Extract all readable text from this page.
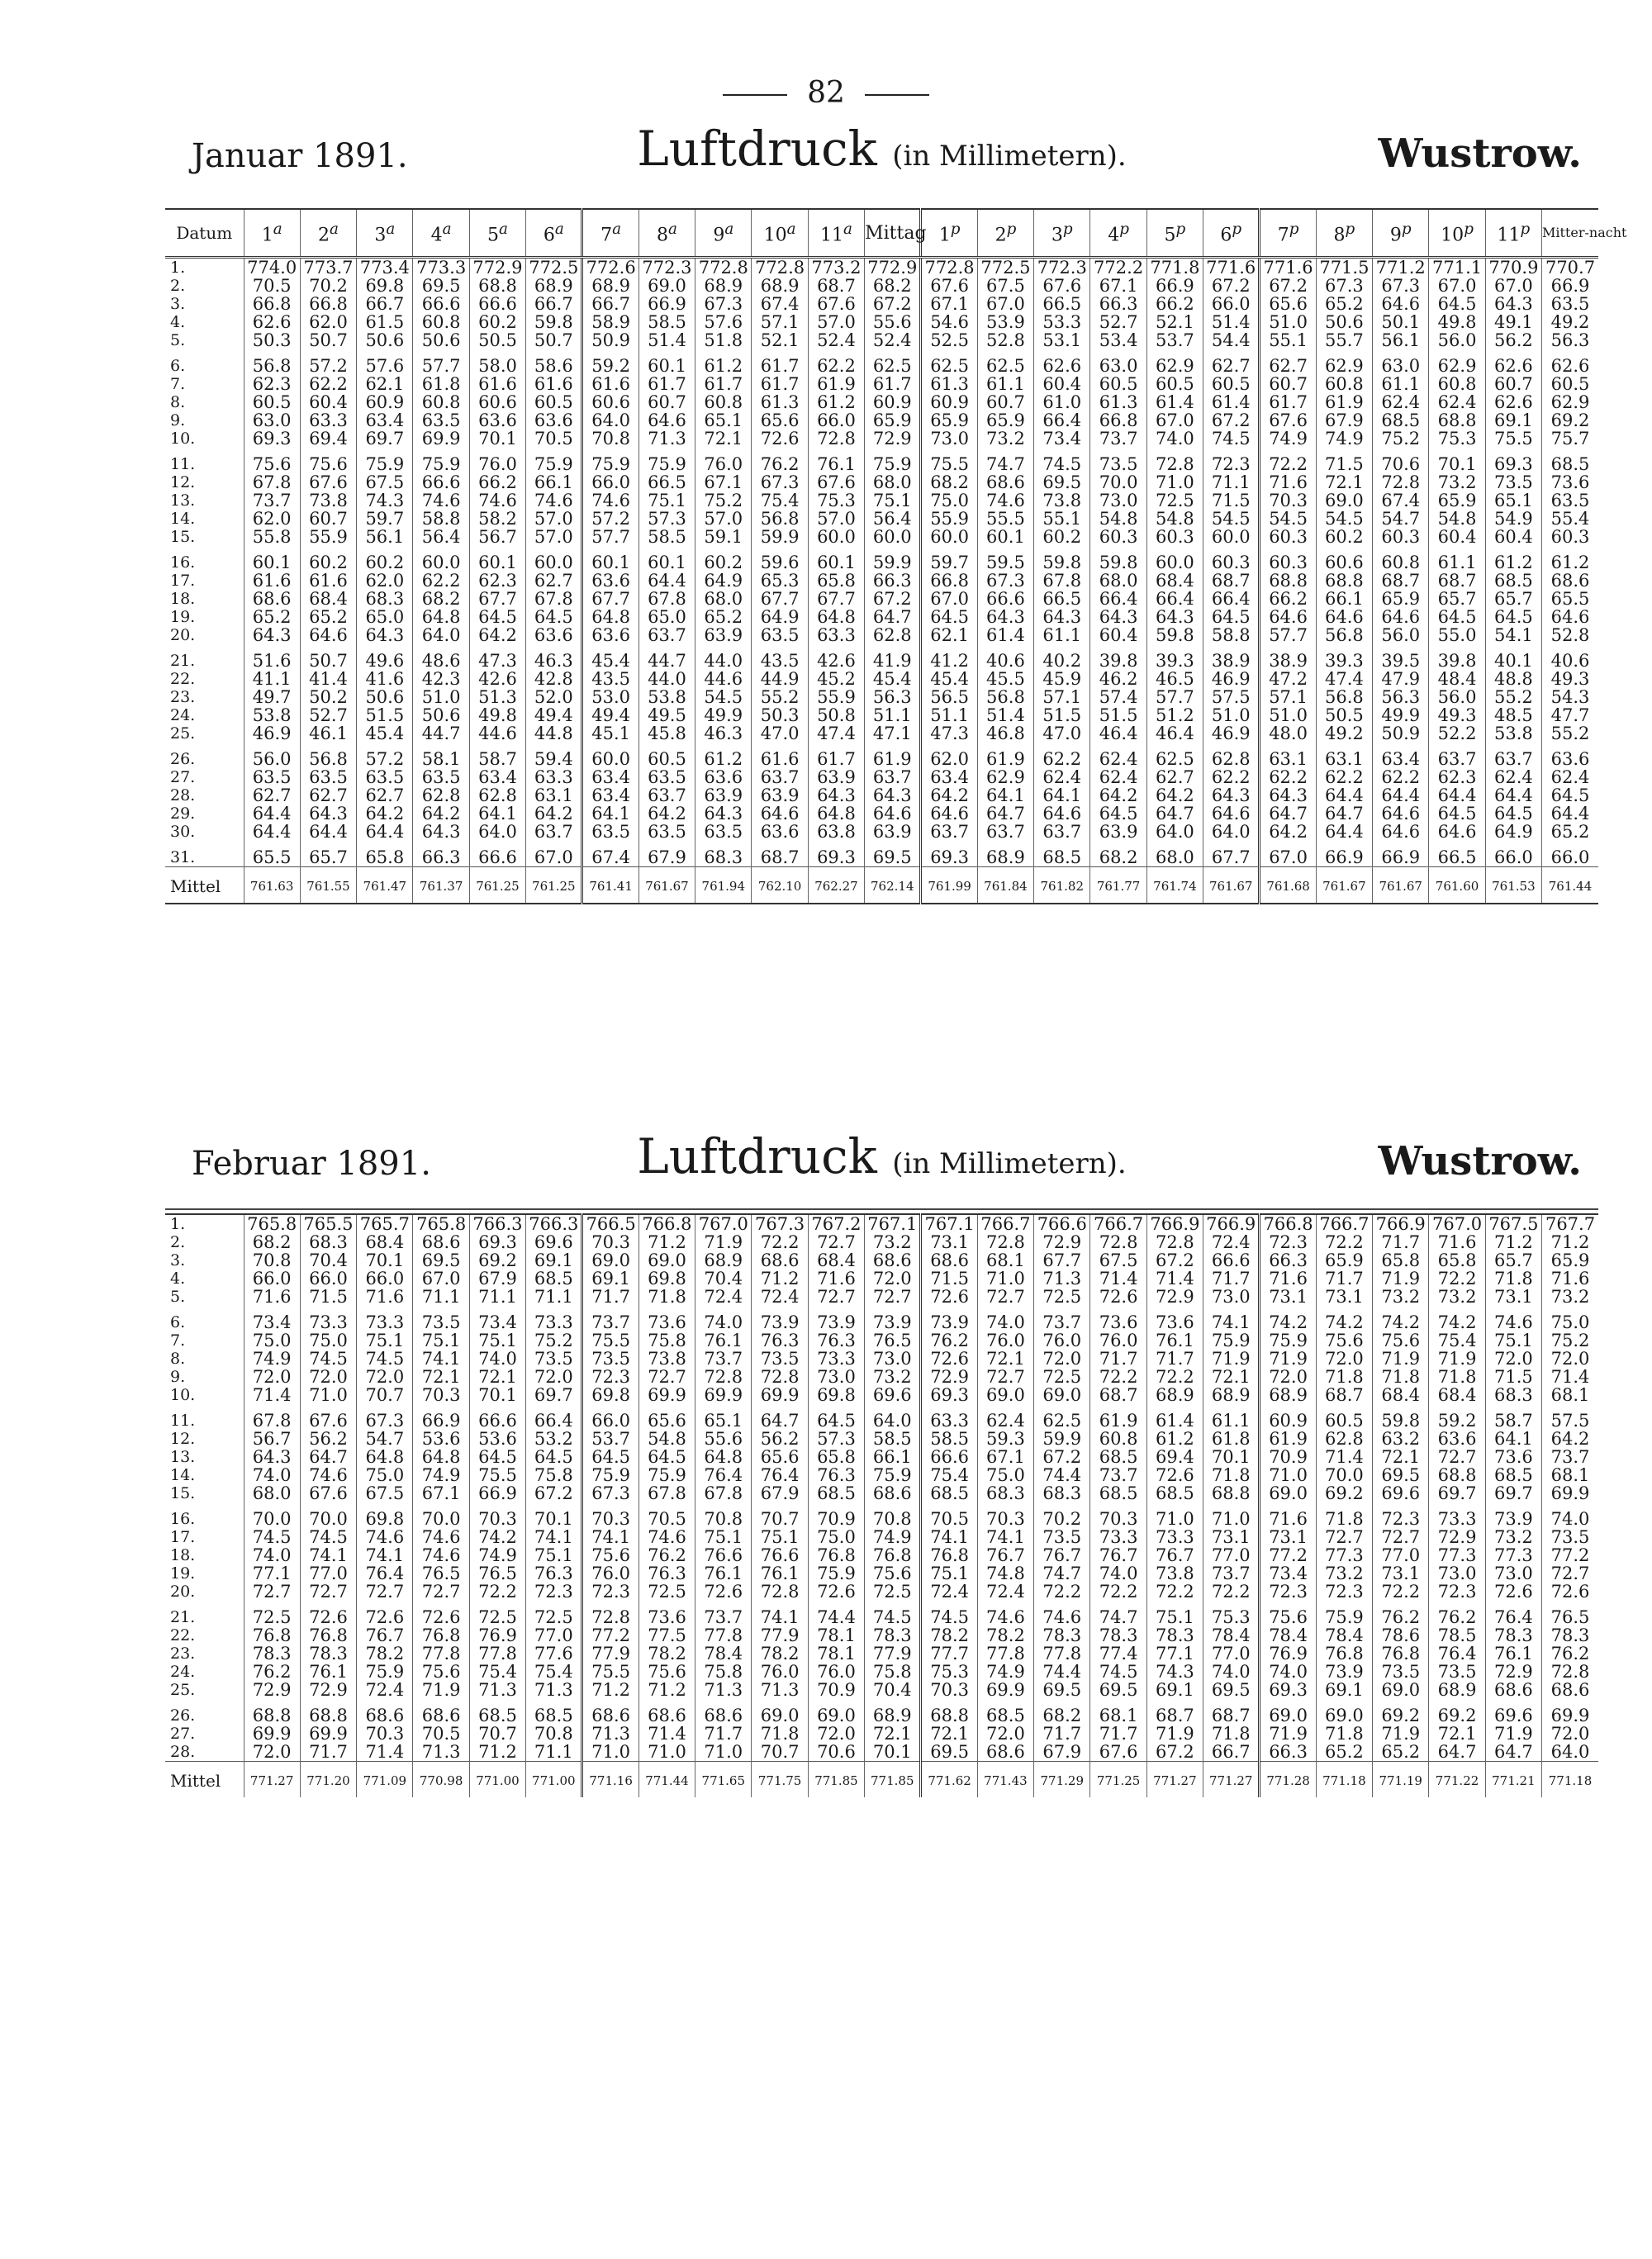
82
Januar 1891.	Luftdruck (in Millimetern).	Wustrow.
Datum	1$^a$	2$^a$	3$^a$	4$^a$	5$^a$	6$^a$	7$^a$	8$^a$	9$^a$	10$^a$	11$^a$	Mittag	1$^p$	2$^p$	3$^p$	4$^p$	5$^p$	6$^p$	7$^p$	8$^p$	9$^p$	10$^p$	11$^p$	Mitter-nacht
1.	774.0	773.7	773.4	773.3	772.9	772.5	772.6	772.3	772.8	772.8	773.2	772.9	772.8	772.5	772.3	772.2	771.8	771.6	771.6	771.5	771.2	771.1	770.9	770.7
2.	70.5	70.2	69.8	69.5	68.8	68.9	68.9	69.0	68.9	68.9	68.7	68.2	67.6	67.5	67.6	67.1	66.9	67.2	67.2	67.3	67.3	67.0	67.0	66.9
3.	66.8	66.8	66.7	66.6	66.6	66.7	66.7	66.9	67.3	67.4	67.6	67.2	67.1	67.0	66.5	66.3	66.2	66.0	65.6	65.2	64.6	64.5	64.3	63.5
4.	62.6	62.0	61.5	60.8	60.2	59.8	58.9	58.5	57.6	57.1	57.0	55.6	54.6	53.9	53.3	52.7	52.1	51.4	51.0	50.6	50.1	49.8	49.1	49.2
5.	50.3	50.7	50.6	50.6	50.5	50.7	50.9	51.4	51.8	52.1	52.4	52.4	52.5	52.8	53.1	53.4	53.7	54.4	55.1	55.7	56.1	56.0	56.2	56.3
6.	56.8	57.2	57.6	57.7	58.0	58.6	59.2	60.1	61.2	61.7	62.2	62.5	62.5	62.5	62.6	63.0	62.9	62.7	62.7	62.9	63.0	62.9	62.6	62.6
7.	62.3	62.2	62.1	61.8	61.6	61.6	61.6	61.7	61.7	61.7	61.9	61.7	61.3	61.1	60.4	60.5	60.5	60.5	60.7	60.8	61.1	60.8	60.7	60.5
8.	60.5	60.4	60.9	60.8	60.6	60.5	60.6	60.7	60.8	61.3	61.2	60.9	60.9	60.7	61.0	61.3	61.4	61.4	61.7	61.9	62.4	62.4	62.6	62.9
9.	63.0	63.3	63.4	63.5	63.6	63.6	64.0	64.6	65.1	65.6	66.0	65.9	65.9	65.9	66.4	66.8	67.0	67.2	67.6	67.9	68.5	68.8	69.1	69.2
10.	69.3	69.4	69.7	69.9	70.1	70.5	70.8	71.3	72.1	72.6	72.8	72.9	73.0	73.2	73.4	73.7	74.0	74.5	74.9	74.9	75.2	75.3	75.5	75.7
11.	75.6	75.6	75.9	75.9	76.0	75.9	75.9	75.9	76.0	76.2	76.1	75.9	75.5	74.7	74.5	73.5	72.8	72.3	72.2	71.5	70.6	70.1	69.3	68.5
12.	67.8	67.6	67.5	66.6	66.2	66.1	66.0	66.5	67.1	67.3	67.6	68.0	68.2	68.6	69.5	70.0	71.0	71.1	71.6	72.1	72.8	73.2	73.5	73.6
13.	73.7	73.8	74.3	74.6	74.6	74.6	74.6	75.1	75.2	75.4	75.3	75.1	75.0	74.6	73.8	73.0	72.5	71.5	70.3	69.0	67.4	65.9	65.1	63.5
14.	62.0	60.7	59.7	58.8	58.2	57.0	57.2	57.3	57.0	56.8	57.0	56.4	55.9	55.5	55.1	54.8	54.8	54.5	54.5	54.5	54.7	54.8	54.9	55.4
15.	55.8	55.9	56.1	56.4	56.7	57.0	57.7	58.5	59.1	59.9	60.0	60.0	60.0	60.1	60.2	60.3	60.3	60.0	60.3	60.2	60.3	60.4	60.4	60.3
16.	60.1	60.2	60.2	60.0	60.1	60.0	60.1	60.1	60.2	59.6	60.1	59.9	59.7	59.5	59.8	59.8	60.0	60.3	60.3	60.6	60.8	61.1	61.2	61.2
17.	61.6	61.6	62.0	62.2	62.3	62.7	63.6	64.4	64.9	65.3	65.8	66.3	66.8	67.3	67.8	68.0	68.4	68.7	68.8	68.8	68.7	68.7	68.5	68.6
18.	68.6	68.4	68.3	68.2	67.7	67.8	67.7	67.8	68.0	67.7	67.7	67.2	67.0	66.6	66.5	66.4	66.4	66.4	66.2	66.1	65.9	65.7	65.7	65.5
19.	65.2	65.2	65.0	64.8	64.5	64.5	64.8	65.0	65.2	64.9	64.8	64.7	64.5	64.3	64.3	64.3	64.3	64.5	64.6	64.6	64.6	64.5	64.5	64.6
20.	64.3	64.6	64.3	64.0	64.2	63.6	63.6	63.7	63.9	63.5	63.3	62.8	62.1	61.4	61.1	60.4	59.8	58.8	57.7	56.8	56.0	55.0	54.1	52.8
21.	51.6	50.7	49.6	48.6	47.3	46.3	45.4	44.7	44.0	43.5	42.6	41.9	41.2	40.6	40.2	39.8	39.3	38.9	38.9	39.3	39.5	39.8	40.1	40.6
22.	41.1	41.4	41.6	42.3	42.6	42.8	43.5	44.0	44.6	44.9	45.2	45.4	45.4	45.5	45.9	46.2	46.5	46.9	47.2	47.4	47.9	48.4	48.8	49.3
23.	49.7	50.2	50.6	51.0	51.3	52.0	53.0	53.8	54.5	55.2	55.9	56.3	56.5	56.8	57.1	57.4	57.7	57.5	57.1	56.8	56.3	56.0	55.2	54.3
24.	53.8	52.7	51.5	50.6	49.8	49.4	49.4	49.5	49.9	50.3	50.8	51.1	51.1	51.4	51.5	51.5	51.2	51.0	51.0	50.5	49.9	49.3	48.5	47.7
25.	46.9	46.1	45.4	44.7	44.6	44.8	45.1	45.8	46.3	47.0	47.4	47.1	47.3	46.8	47.0	46.4	46.4	46.9	48.0	49.2	50.9	52.2	53.8	55.2
26.	56.0	56.8	57.2	58.1	58.7	59.4	60.0	60.5	61.2	61.6	61.7	61.9	62.0	61.9	62.2	62.4	62.5	62.8	63.1	63.1	63.4	63.7	63.7	63.6
27.	63.5	63.5	63.5	63.5	63.4	63.3	63.4	63.5	63.6	63.7	63.9	63.7	63.4	62.9	62.4	62.4	62.7	62.2	62.2	62.2	62.2	62.3	62.4	62.4
28.	62.7	62.7	62.7	62.8	62.8	63.1	63.4	63.7	63.9	63.9	64.3	64.3	64.2	64.1	64.1	64.2	64.2	64.3	64.3	64.4	64.4	64.4	64.4	64.5
29.	64.4	64.3	64.2	64.2	64.1	64.2	64.1	64.2	64.3	64.6	64.8	64.6	64.6	64.7	64.6	64.5	64.7	64.6	64.7	64.7	64.6	64.5	64.5	64.4
30.	64.4	64.4	64.4	64.3	64.0	63.7	63.5	63.5	63.5	63.6	63.8	63.9	63.7	63.7	63.7	63.9	64.0	64.0	64.2	64.4	64.6	64.6	64.9	65.2
31.	65.5	65.7	65.8	66.3	66.6	67.0	67.4	67.9	68.3	68.7	69.3	69.5	69.3	68.9	68.5	68.2	68.0	67.7	67.0	66.9	66.9	66.5	66.0	66.0
Mittel	761.63	761.55	761.47	761.37	761.25	761.25	761.41	761.67	761.94	762.10	762.27	762.14	761.99	761.84	761.82	761.77	761.74	761.67	761.68	761.67	761.67	761.60	761.53	761.44
Februar 1891.	Luftdruck (in Millimetern).	Wustrow.
1.	765.8	765.5	765.7	765.8	766.3	766.3	766.5	766.8	767.0	767.3	767.2	767.1	767.1	766.7	766.6	766.7	766.9	766.9	766.8	766.7	766.9	767.0	767.5	767.7
2.	68.2	68.3	68.4	68.6	69.3	69.6	70.3	71.2	71.9	72.2	72.7	73.2	73.1	72.8	72.9	72.8	72.8	72.4	72.3	72.2	71.7	71.6	71.2	71.2
3.	70.8	70.4	70.1	69.5	69.2	69.1	69.0	69.0	68.9	68.6	68.4	68.6	68.6	68.1	67.7	67.5	67.2	66.6	66.3	65.9	65.8	65.8	65.7	65.9
4.	66.0	66.0	66.0	67.0	67.9	68.5	69.1	69.8	70.4	71.2	71.6	72.0	71.5	71.0	71.3	71.4	71.4	71.7	71.6	71.7	71.9	72.2	71.8	71.6
5.	71.6	71.5	71.6	71.1	71.1	71.1	71.7	71.8	72.4	72.4	72.7	72.7	72.6	72.7	72.5	72.6	72.9	73.0	73.1	73.1	73.2	73.2	73.1	73.2
6.	73.4	73.3	73.3	73.5	73.4	73.3	73.7	73.6	74.0	73.9	73.9	73.9	73.9	74.0	73.7	73.6	73.6	74.1	74.2	74.2	74.2	74.2	74.6	75.0
7.	75.0	75.0	75.1	75.1	75.1	75.2	75.5	75.8	76.1	76.3	76.3	76.5	76.2	76.0	76.0	76.0	76.1	75.9	75.9	75.6	75.6	75.4	75.1	75.2
8.	74.9	74.5	74.5	74.1	74.0	73.5	73.5	73.8	73.7	73.5	73.3	73.0	72.6	72.1	72.0	71.7	71.7	71.9	71.9	72.0	71.9	71.9	72.0	72.0
9.	72.0	72.0	72.0	72.1	72.1	72.0	72.3	72.7	72.8	72.8	73.0	73.2	72.9	72.7	72.5	72.2	72.2	72.1	72.0	71.8	71.8	71.8	71.5	71.4
10.	71.4	71.0	70.7	70.3	70.1	69.7	69.8	69.9	69.9	69.9	69.8	69.6	69.3	69.0	69.0	68.7	68.9	68.9	68.9	68.7	68.4	68.4	68.3	68.1
11.	67.8	67.6	67.3	66.9	66.6	66.4	66.0	65.6	65.1	64.7	64.5	64.0	63.3	62.4	62.5	61.9	61.4	61.1	60.9	60.5	59.8	59.2	58.7	57.5
12.	56.7	56.2	54.7	53.6	53.6	53.2	53.7	54.8	55.6	56.2	57.3	58.5	58.5	59.3	59.9	60.8	61.2	61.8	61.9	62.8	63.2	63.6	64.1	64.2
13.	64.3	64.7	64.8	64.8	64.5	64.5	64.5	64.5	64.8	65.6	65.8	66.1	66.6	67.1	67.2	68.5	69.4	70.1	70.9	71.4	72.1	72.7	73.6	73.7
14.	74.0	74.6	75.0	74.9	75.5	75.8	75.9	75.9	76.4	76.4	76.3	75.9	75.4	75.0	74.4	73.7	72.6	71.8	71.0	70.0	69.5	68.8	68.5	68.1
15.	68.0	67.6	67.5	67.1	66.9	67.2	67.3	67.8	67.8	67.9	68.5	68.6	68.5	68.3	68.3	68.5	68.5	68.8	69.0	69.2	69.6	69.7	69.7	69.9
16.	70.0	70.0	69.8	70.0	70.3	70.1	70.3	70.5	70.8	70.7	70.9	70.8	70.5	70.3	70.2	70.3	71.0	71.0	71.6	71.8	72.3	73.3	73.9	74.0
17.	74.5	74.5	74.6	74.6	74.2	74.1	74.1	74.6	75.1	75.1	75.0	74.9	74.1	74.1	73.5	73.3	73.3	73.1	73.1	72.7	72.7	72.9	73.2	73.5
18.	74.0	74.1	74.1	74.6	74.9	75.1	75.6	76.2	76.6	76.6	76.8	76.8	76.8	76.7	76.7	76.7	76.7	77.0	77.2	77.3	77.0	77.3	77.3	77.2
19.	77.1	77.0	76.4	76.5	76.5	76.3	76.0	76.3	76.1	76.1	75.9	75.6	75.1	74.8	74.7	74.0	73.8	73.7	73.4	73.2	73.1	73.0	73.0	72.7
20.	72.7	72.7	72.7	72.7	72.2	72.3	72.3	72.5	72.6	72.8	72.6	72.5	72.4	72.4	72.2	72.2	72.2	72.2	72.3	72.3	72.2	72.3	72.6	72.6
21.	72.5	72.6	72.6	72.6	72.5	72.5	72.8	73.6	73.7	74.1	74.4	74.5	74.5	74.6	74.6	74.7	75.1	75.3	75.6	75.9	76.2	76.2	76.4	76.5
22.	76.8	76.8	76.7	76.8	76.9	77.0	77.2	77.5	77.8	77.9	78.1	78.3	78.2	78.2	78.3	78.3	78.3	78.4	78.4	78.4	78.6	78.5	78.3	78.3
23.	78.3	78.3	78.2	77.8	77.8	77.6	77.9	78.2	78.4	78.2	78.1	77.9	77.7	77.8	77.8	77.4	77.1	77.0	76.9	76.8	76.8	76.4	76.1	76.2
24.	76.2	76.1	75.9	75.6	75.4	75.4	75.5	75.6	75.8	76.0	76.0	75.8	75.3	74.9	74.4	74.5	74.3	74.0	74.0	73.9	73.5	73.5	72.9	72.8
25.	72.9	72.9	72.4	71.9	71.3	71.3	71.2	71.2	71.3	71.3	70.9	70.4	70.3	69.9	69.5	69.5	69.1	69.5	69.3	69.1	69.0	68.9	68.6	68.6
26.	68.8	68.8	68.6	68.6	68.5	68.5	68.6	68.6	68.6	69.0	69.0	68.9	68.8	68.5	68.2	68.1	68.7	68.7	69.0	69.0	69.2	69.2	69.6	69.9
27.	69.9	69.9	70.3	70.5	70.7	70.8	71.3	71.4	71.7	71.8	72.0	72.1	72.1	72.0	71.7	71.7	71.9	71.8	71.9	71.8	71.9	72.1	71.9	72.0
28.	72.0	71.7	71.4	71.3	71.2	71.1	71.0	71.0	71.0	70.7	70.6	70.1	69.5	68.6	67.9	67.6	67.2	66.7	66.3	65.2	65.2	64.7	64.7	64.0
Mittel	771.27	771.20	771.09	770.98	771.00	771.00	771.16	771.44	771.65	771.75	771.85	771.85	771.62	771.43	771.29	771.25	771.27	771.27	771.28	771.18	771.19	771.22	771.21	771.18
